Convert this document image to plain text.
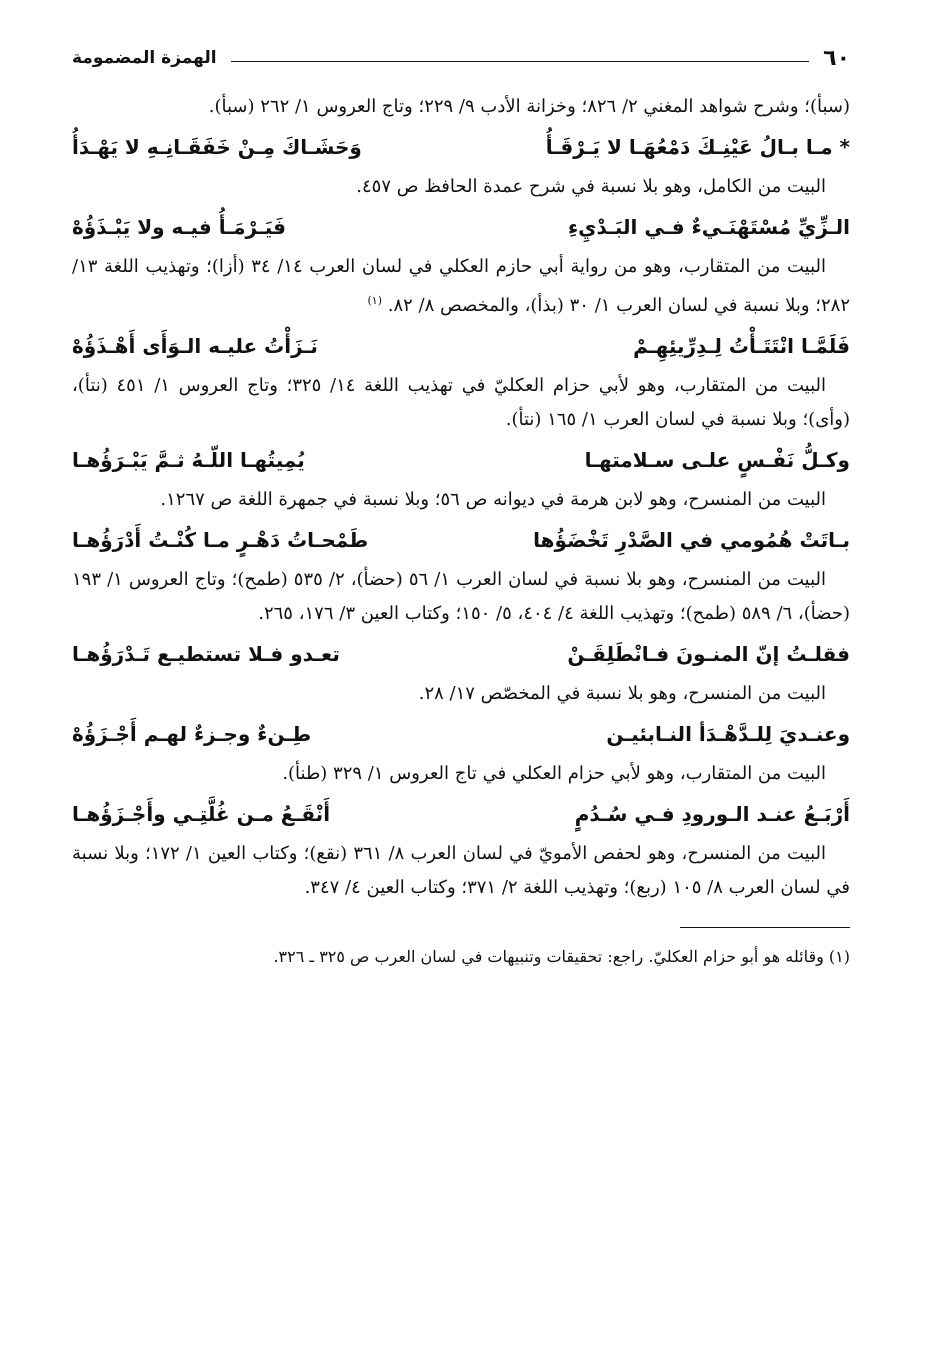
٦٠
الهمزة المضمومة

(سبأ)؛ وشرح شواهد المغني ٢/ ٨٢٦؛ وخزانة الأدب ٩/ ٢٢٩؛ وتاج العروس ١/ ٢٦٢ (سبأ).

* مـا بـالُ عَيْنِـكَ دَمْعُهَـا لا يَـرْقَـأُ
وَحَشَـاكَ مِـنْ خَفَقَـانِـهِ لا يَهْـدَأُ

البيت من الكامل، وهو بلا نسبة في شرح عمدة الحافظ ص ٤٥٧.

الـزِّيِّ مُسْتَهْنَـيءٌ فـي البَـدْيِءِ
فَيَـرْمَـأُ فيـه ولا يَبْـذَؤُهْ

البيت من المتقارب، وهو من رواية أبي حازم العكلي في لسان العرب ١٤/ ٣٤ (أزا)؛ وتهذيب اللغة ١٣/ ٢٨٢؛ وبلا نسبة في لسان العرب ١/ ٣٠ (بذأ)، والمخصص ٨/ ٨٢. $^{(١)}$

فَلَمَّـا انْتَتَـأْتُ لِـدِرِّيئِهِـمْ
نَـزَأْتُ عليـه الـوَأَى أَهْـذَؤُهْ

البيت من المتقارب، وهو لأبي حزام العكليّ في تهذيب اللغة ١٤/ ٣٢٥؛ وتاج العروس ١/ ٤٥١ (نتأ)، (وأى)؛ وبلا نسبة في لسان العرب ١/ ١٦٥ (نتأ).

وكـلُّ نَفْـسٍ علـى سـلامتهـا
يُمِيتُهـا اللّـهُ ثـمَّ يَبْـرَؤُهـا

البيت من المنسرح، وهو لابن هرمة في ديوانه ص ٥٦؛ وبلا نسبة في جمهرة اللغة ص ١٢٦٧.

بـاتَتْ هُمُومي في الصَّدْرِ تَخْضَؤُها
طَمْحـاتُ دَهْـرٍ مـا كُنْـتُ أَدْرَؤُهـا

البيت من المنسرح، وهو بلا نسبة في لسان العرب ١/ ٥٦ (حضأ)، ٢/ ٥٣٥ (طمح)؛ وتاج العروس ١/ ١٩٣ (حضأ)، ٦/ ٥٨٩ (طمح)؛ وتهذيب اللغة ٤/ ٤٠٤، ٥/ ١٥٠؛ وكتاب العين ٣/ ١٧٦، ٢٦٥.

فقلـتُ إنّ المنـونَ فـانْطَلِقَـنْ
تعـدو فـلا تستطيـع تَـدْرَؤُهـا

البيت من المنسرح، وهو بلا نسبة في المخصّص ١٧/ ٢٨.

وعنـديَ لِلـدَّهْـدَأ النـابئيـن
طِـنءٌ وجـزءٌ لهـم أَجْـزَؤُهْ

البيت من المتقارب، وهو لأبي حزام العكلي في تاج العروس ١/ ٣٢٩ (طنأ).

أَرْبَـعُ عنـد الـورودِ فـي سُـدُمٍ
أَنْقَـعُ مـن غُلَّتِـي وأَجْـزَؤُهـا

البيت من المنسرح، وهو لحفص الأمويّ في لسان العرب ٨/ ٣٦١ (نقع)؛ وكتاب العين ١/ ١٧٢؛ وبلا نسبة في لسان العرب ٨/ ١٠٥ (ربع)؛ وتهذيب اللغة ٢/ ٣٧١؛ وكتاب العين ٤/ ٣٤٧.

(١) وقائله هو أبو حزام العكليّ. راجع: تحقيقات وتنبيهات في لسان العرب ص ٣٢٥ ـ ٣٢٦.
